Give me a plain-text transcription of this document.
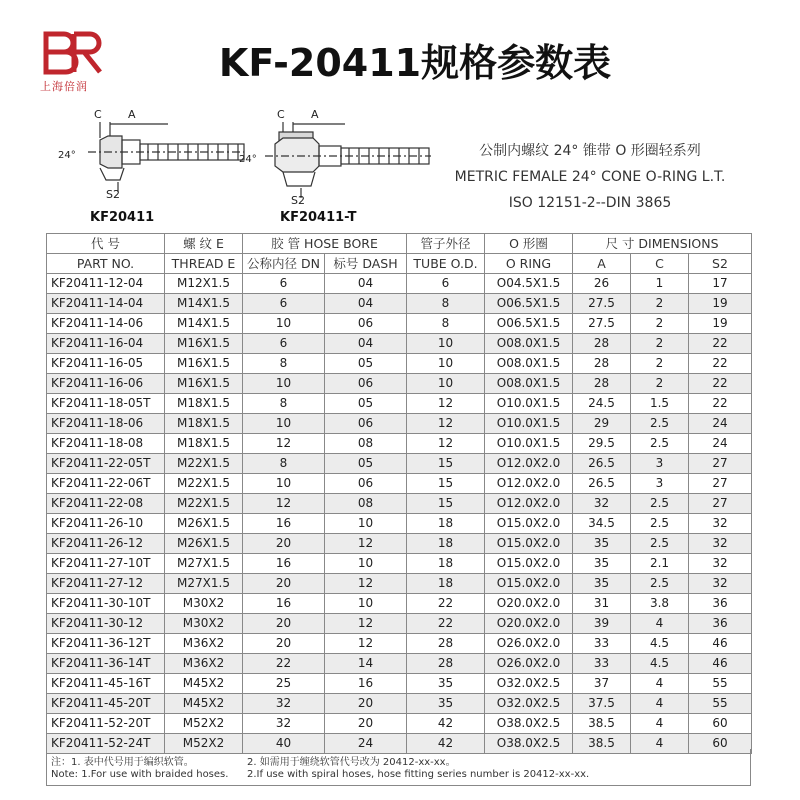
上海倍润
KF-20411规格参数表
C A
24°
S2
KF20411
C A
24°
S2
KF20411-T
公制内螺纹 24° 锥带 O 形圈轻系列
METRIC FEMALE 24° CONE O-RING L.T.
ISO 12151-2--DIN 3865
代 号	螺 纹 E	胶 管 HOSE BORE		管子外径	O 形圈	尺 寸 DIMENSIONS		
PART NO.	THREAD E	公称内径 DN	标号 DASH	TUBE O.D.	O RING	A	C	S2
KF20411-12-04	M12X1.5	6	04	6	O04.5X1.5	26	1	17
KF20411-14-04	M14X1.5	6	04	8	O06.5X1.5	27.5	2	19
KF20411-14-06	M14X1.5	10	06	8	O06.5X1.5	27.5	2	19
KF20411-16-04	M16X1.5	6	04	10	O08.0X1.5	28	2	22
KF20411-16-05	M16X1.5	8	05	10	O08.0X1.5	28	2	22
KF20411-16-06	M16X1.5	10	06	10	O08.0X1.5	28	2	22
KF20411-18-05T	M18X1.5	8	05	12	O10.0X1.5	24.5	1.5	22
KF20411-18-06	M18X1.5	10	06	12	O10.0X1.5	29	2.5	24
KF20411-18-08	M18X1.5	12	08	12	O10.0X1.5	29.5	2.5	24
KF20411-22-05T	M22X1.5	8	05	15	O12.0X2.0	26.5	3	27
KF20411-22-06T	M22X1.5	10	06	15	O12.0X2.0	26.5	3	27
KF20411-22-08	M22X1.5	12	08	15	O12.0X2.0	32	2.5	27
KF20411-26-10	M26X1.5	16	10	18	O15.0X2.0	34.5	2.5	32
KF20411-26-12	M26X1.5	20	12	18	O15.0X2.0	35	2.5	32
KF20411-27-10T	M27X1.5	16	10	18	O15.0X2.0	35	2.1	32
KF20411-27-12	M27X1.5	20	12	18	O15.0X2.0	35	2.5	32
KF20411-30-10T	M30X2	16	10	22	O20.0X2.0	31	3.8	36
KF20411-30-12	M30X2	20	12	22	O20.0X2.0	39	4	36
KF20411-36-12T	M36X2	20	12	28	O26.0X2.0	33	4.5	46
KF20411-36-14T	M36X2	22	14	28	O26.0X2.0	33	4.5	46
KF20411-45-16T	M45X2	25	16	35	O32.0X2.5	37	4	55
KF20411-45-20T	M45X2	32	20	35	O32.0X2.5	37.5	4	55
KF20411-52-20T	M52X2	32	20	42	O38.0X2.5	38.5	4	60
KF20411-52-24T	M52X2	40	24	42	O38.0X2.5	38.5	4	60
注：1. 表中代号用于编织软管。	2. 如需用于缠绕软管代号改为 20412-xx-xx。
Note: 1.For use with braided hoses. 2.If use with spiral hoses, hose fitting series number is 20412-xx-xx.
